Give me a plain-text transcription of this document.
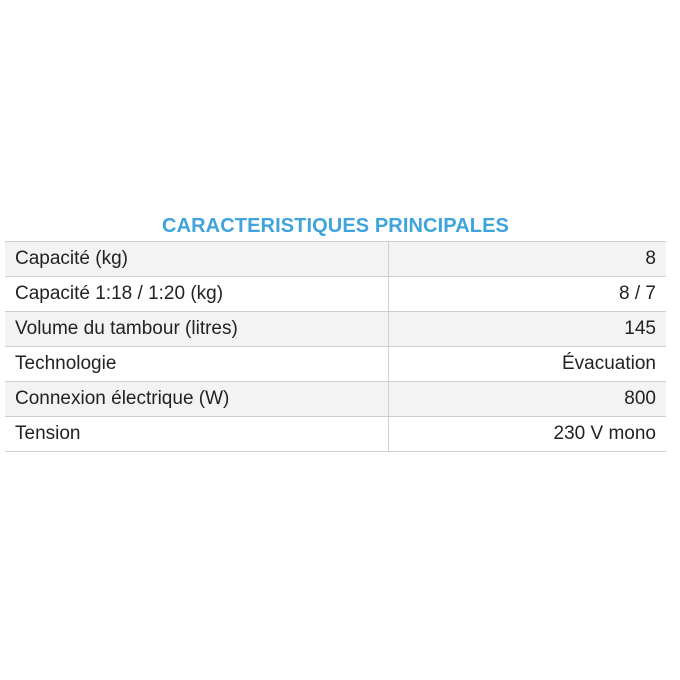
CARACTERISTIQUES PRINCIPALES
Capacité (kg)	8
Capacité 1:18 / 1:20 (kg)	8 / 7
Volume du tambour (litres)	145
Technologie	Évacuation
Connexion électrique (W)	800
Tension	230 V mono
